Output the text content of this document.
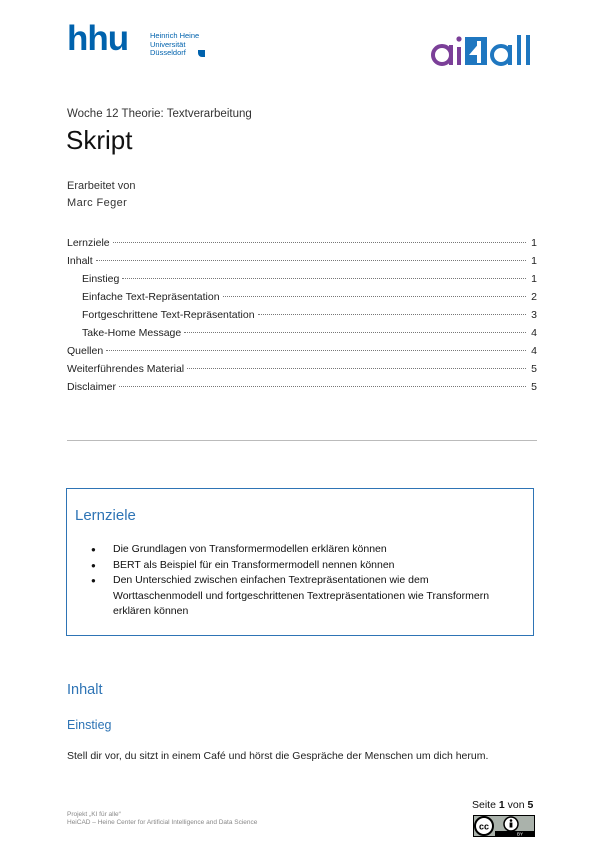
hhu	Heinrich Heine
Universität
Düsseldorf
Woche 12 Theorie: Textverarbeitung
Skript
Erarbeitet von
Marc Feger
Lernziele	1
Inhalt	1
Einstieg	1
Einfache Text-Repräsentation	2
Fortgeschrittene Text-Repräsentation	3
Take-Home Message	4
Quellen	4
Weiterführendes Material	5
Disclaimer	5
Lernziele
● Die Grundlagen von Transformermodellen erklären können
● BERT als Beispiel für ein Transformermodell nennen können
● Den Unterschied zwischen einfachen Textrepräsentationen wie dem Worttaschenmodell und fortgeschrittenen Textrepräsentationen wie Transformern erklären können
Inhalt
Einstieg
Stell dir vor, du sitzt in einem Café und hörst die Gespräche der Menschen um dich herum.
Projekt „KI für alle“
HeiCAD – Heine Center for Artificial Intelligence and Data Science
Seite 1 von 5
cc
BY
